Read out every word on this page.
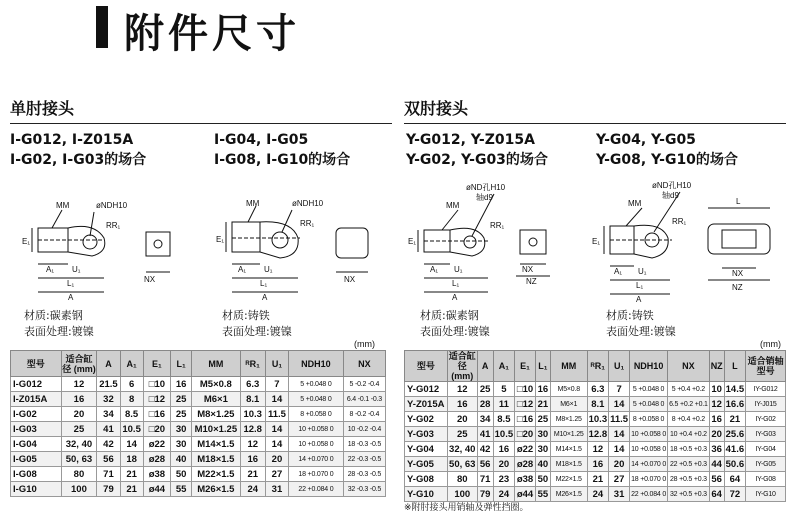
附件尺寸
单肘接头
I-G012, I-Z015A
I-G02, I-G03的场合
I-G04, I-G05
I-G08, I-G10的场合
MM	øNDH10
RR₁
E₁
A₁ U₁
L₁
A
NX
MM	øNDH10
RR₁
E₁
A₁ U₁
L₁
A
NX
材质:碳素钢
表面处理:镀镍
材质:铸铁
表面处理:镀镍
双肘接头
Y-G012, Y-Z015A
Y-G02, Y-G03的场合
Y-G04, Y-G05
Y-G08, Y-G10的场合
øND孔H10
轴d9
MM
RR₁
E₁
A₁ U₁
L₁
A
NX
NZ
øND孔H10
轴d9
MM
RR₁
E₁
A₁ U₁
L₁
A
L
NX
NZ
材质:碳素钢
表面处理:镀镍
材质:铸铁
表面处理:镀镍
(mm)	(mm)
型号	适合缸径 (mm)	A	A₁	E₁	L₁	MM	ᴿR₁	U₁	NDH10	NX
I-G012	12	21.5	6	□10	16	M5×0.8	6.3	7	5 +0.048 0	5 -0.2 -0.4
I-Z015A	16	32	8	□12	25	M6×1	8.1	14	5 +0.048 0	6.4 -0.1 -0.3
I-G02	20	34	8.5	□16	25	M8×1.25	10.3	11.5	8 +0.058 0	8 -0.2 -0.4
I-G03	25	41	10.5	□20	30	M10×1.25	12.8	14	10 +0.058 0	10 -0.2 -0.4
I-G04	32, 40	42	14	ø22	30	M14×1.5	12	14	10 +0.058 0	18 -0.3 -0.5
I-G05	50, 63	56	18	ø28	40	M18×1.5	16	20	14 +0.070 0	22 -0.3 -0.5
I-G08	80	71	21	ø38	50	M22×1.5	21	27	18 +0.070 0	28 -0.3 -0.5
I-G10	100	79	21	ø44	55	M26×1.5	24	31	22 +0.084 0	32 -0.3 -0.5
型号	适合缸径 (mm)	A	A₁	E₁	L₁	MM	ᴿR₁	U₁	NDH10	NX	NZ	L	适合销轴型号
Y-G012	12	25	5	□10	16	M5×0.8	6.3	7	5 +0.048 0	5 +0.4 +0.2	10	14.5	IY-G012
Y-Z015A	16	28	11	□12	21	M6×1	8.1	14	5 +0.048 0	6.5 +0.2 +0.1	12	16.6	IY-J015
Y-G02	20	34	8.5	□16	25	M8×1.25	10.3	11.5	8 +0.058 0	8 +0.4 +0.2	16	21	IY-G02
Y-G03	25	41	10.5	□20	30	M10×1.25	12.8	14	10 +0.058 0	10 +0.4 +0.2	20	25.6	IY-G03
Y-G04	32, 40	42	16	ø22	30	M14×1.5	12	14	10 +0.058 0	18 +0.5 +0.3	36	41.6	IY-G04
Y-G05	50, 63	56	20	ø28	40	M18×1.5	16	20	14 +0.070 0	22 +0.5 +0.3	44	50.6	IY-G05
Y-G08	80	71	23	ø38	50	M22×1.5	21	27	18 +0.070 0	28 +0.5 +0.3	56	64	IY-G08
Y-G10	100	79	24	ø44	55	M26×1.5	24	31	22 +0.084 0	32 +0.5 +0.3	64	72	IY-G10
※附肘接头用销轴及弹性挡圈。
